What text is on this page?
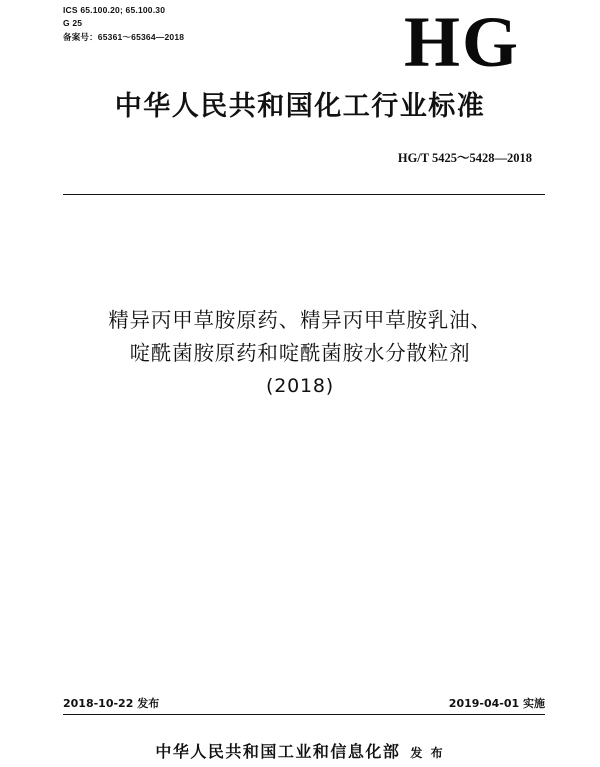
ICS 65.100.20; 65.100.30
G 25
备案号：65361～65364—2018	HG
中华人民共和国化工行业标准
HG/T 5425～5428—2018
精异丙甲草胺原药、精异丙甲草胺乳油、
啶酰菌胺原药和啶酰菌胺水分散粒剂
(2018)
2018-10-22 发布	2019-04-01 实施
中华人民共和国工业和信息化部 发 布
